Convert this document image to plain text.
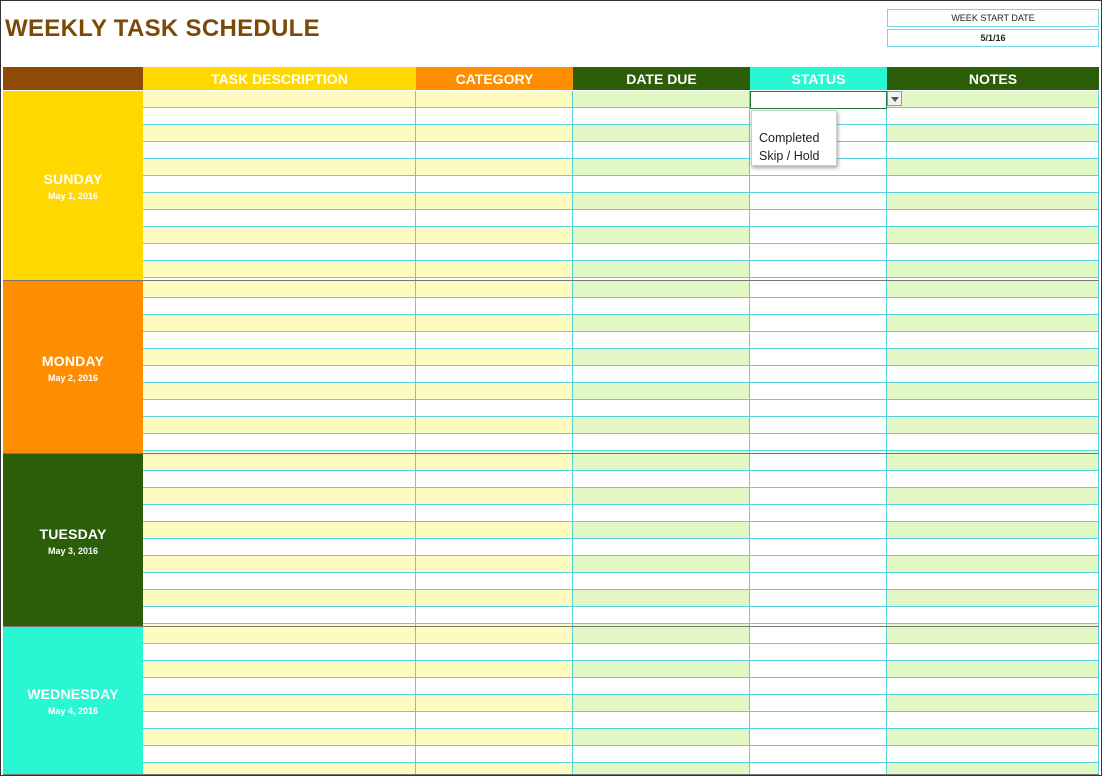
WEEKLY TASK SCHEDULE	WEEK START DATE
5/1/16
TASK DESCRIPTION	CATEGORY	DATE DUE	STATUS	NOTES
SUNDAY
May 1, 2016
MONDAY
May 2, 2016
TUESDAY
May 3, 2016
WEDNESDAY
May 4, 2016
Completed
Skip / Hold
